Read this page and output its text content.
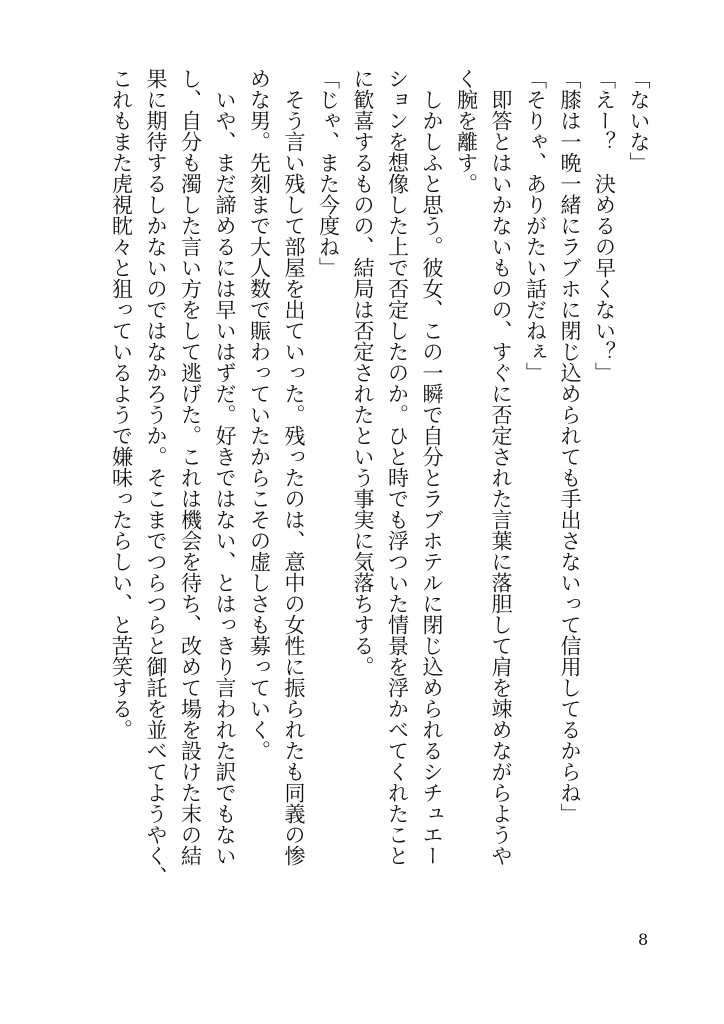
「ないな」

「えー？　決めるの早くない？」

「膝は一晩一緒にラブホに閉じ込められても手出さないって信用してるからね」

「そりゃ、ありがたい話だねぇ」

　即答とはいかないものの、すぐに否定された言葉に落胆して肩を竦めながらようや

く腕を離す。

　しかしふと思う。彼女、この一瞬で自分とラブホテルに閉じ込められるシチュエー

ションを想像した上で否定したのか。ひと時でも浮ついた情景を浮かべてくれたこと

に歓喜するものの、結局は否定されたという事実に気落ちする。

「じゃ、また今度ね」

　そう言い残して部屋を出ていった。残ったのは、意中の女性に振られたも同義の惨

めな男。先刻まで大人数で賑わっていたからこその虚しさも募っていく。

　いや、まだ諦めるには早いはずだ。好きではない、とはっきり言われた訳でもない

し、自分も濁した言い方をして逃げた。これは機会を待ち、改めて場を設けた末の結

果に期待するしかないのではなかろうか。そこまでつらつらと御託を並べてようやく、

これもまた虎視眈々と狙っているようで嫌味ったらしい、と苦笑する。

8
